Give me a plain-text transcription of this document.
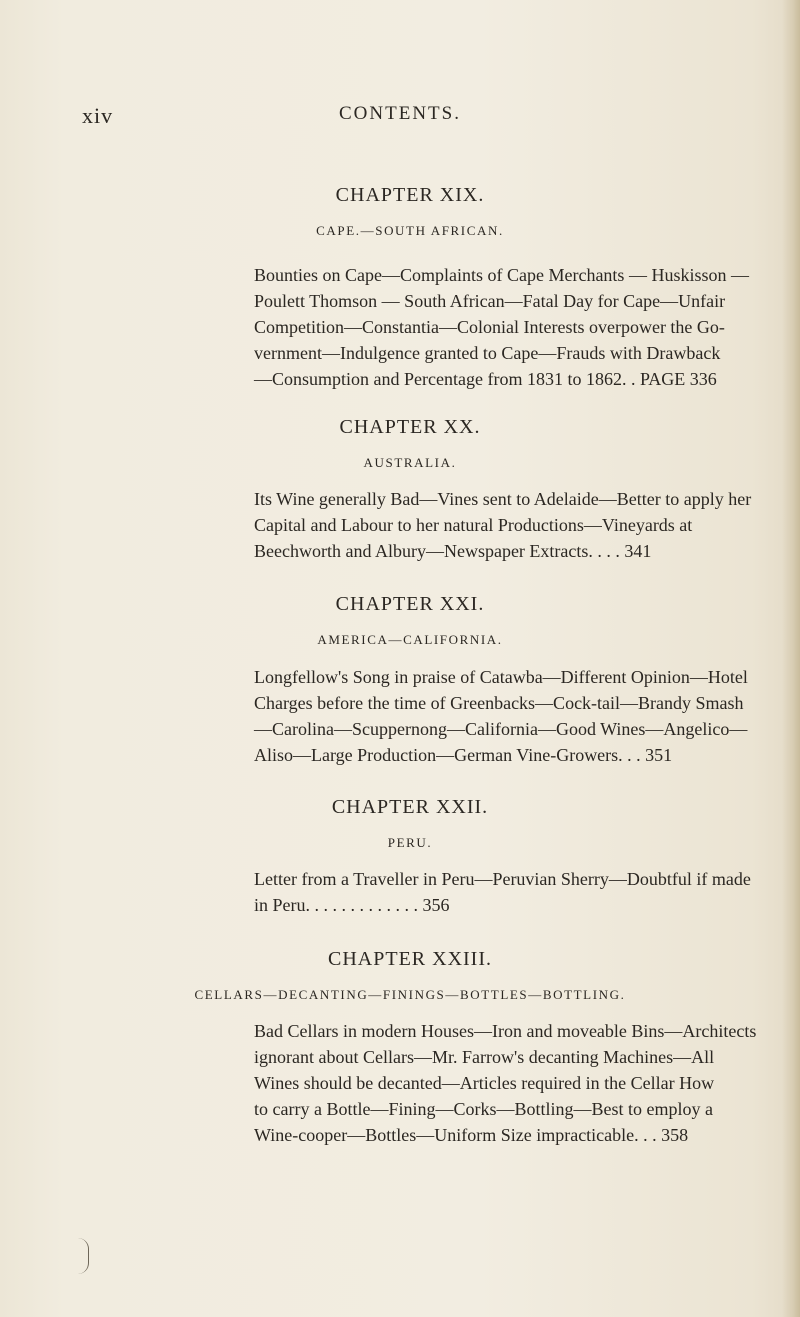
xiv	CONTENTS.

CHAPTER XIX.

CAPE.—SOUTH AFRICAN.

Bounties on Cape—Complaints of Cape Merchants — Huskisson —
Poulett Thomson — South African—Fatal Day for Cape—Unfair
Competition—Constantia—Colonial Interests overpower the Go-
vernment—Indulgence granted to Cape—Frauds with Drawback
—Consumption and Percentage from 1831 to 1862. . PAGE 336

CHAPTER XX.

AUSTRALIA.

Its Wine generally Bad—Vines sent to Adelaide—Better to apply her
Capital and Labour to her natural Productions—Vineyards at
Beechworth and Albury—Newspaper Extracts. . . . 341

CHAPTER XXI.

AMERICA—CALIFORNIA.

Longfellow's Song in praise of Catawba—Different Opinion—Hotel
Charges before the time of Greenbacks—Cock-tail—Brandy Smash
—Carolina—Scuppernong—California—Good Wines—Angelico—
Aliso—Large Production—German Vine-Growers. . . 351

CHAPTER XXII.

PERU.

Letter from a Traveller in Peru—Peruvian Sherry—Doubtful if made
in Peru. . . . . . . . . . . . . 356

CHAPTER XXIII.

CELLARS—DECANTING—FININGS—BOTTLES—BOTTLING.

Bad Cellars in modern Houses—Iron and moveable Bins—Architects
ignorant about Cellars—Mr. Farrow's decanting Machines—All
Wines should be decanted—Articles required in the Cellar How
to carry a Bottle—Fining—Corks—Bottling—Best to employ a
Wine-cooper—Bottles—Uniform Size impracticable. . . 358
